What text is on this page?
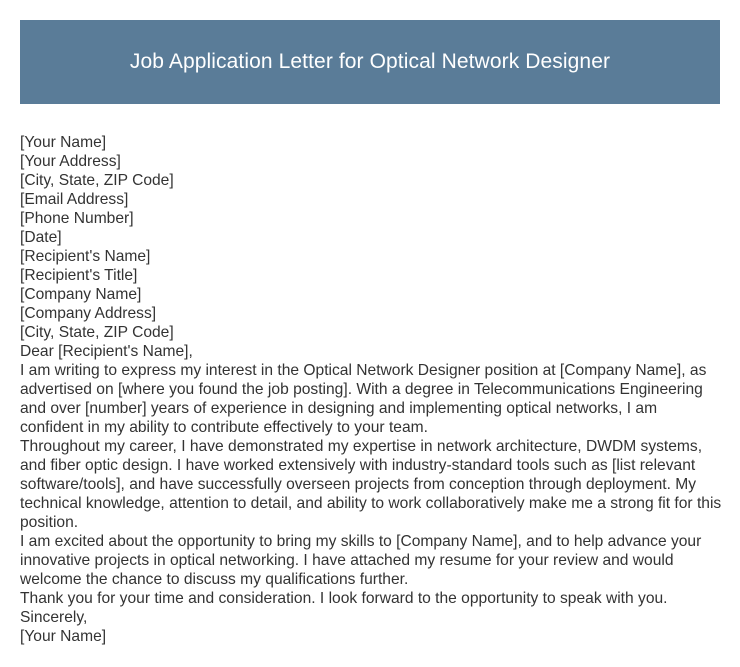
Job Application Letter for Optical Network Designer
[Your Name]
[Your Address]
[City, State, ZIP Code]
[Email Address]
[Phone Number]
[Date]
[Recipient's Name]
[Recipient's Title]
[Company Name]
[Company Address]
[City, State, ZIP Code]
Dear [Recipient's Name],

I am writing to express my interest in the Optical Network Designer position at [Company Name], as advertised on [where you found the job posting]. With a degree in Telecommunications Engineering and over [number] years of experience in designing and implementing optical networks, I am confident in my ability to contribute effectively to your team.

Throughout my career, I have demonstrated my expertise in network architecture, DWDM systems, and fiber optic design. I have worked extensively with industry-standard tools such as [list relevant software/tools], and have successfully overseen projects from conception through deployment. My technical knowledge, attention to detail, and ability to work collaboratively make me a strong fit for this position.

I am excited about the opportunity to bring my skills to [Company Name], and to help advance your innovative projects in optical networking. I have attached my resume for your review and would welcome the chance to discuss my qualifications further.

Thank you for your time and consideration. I look forward to the opportunity to speak with you.

Sincerely,
[Your Name]
